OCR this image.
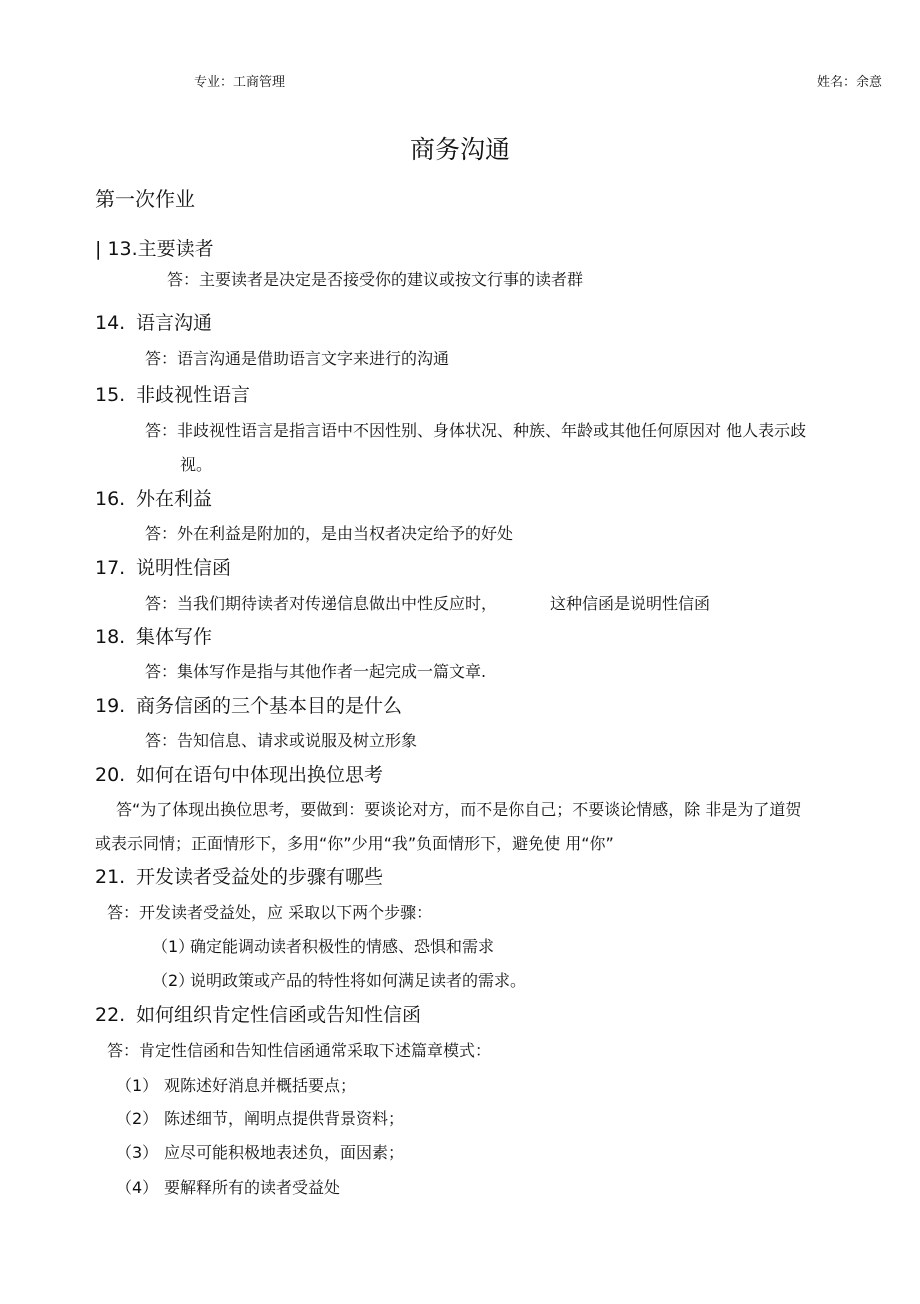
专业：工商管理	姓名：余意
商务沟通
第一次作业
| 13.主要读者
答：主要读者是决定是否接受你的建议或按文行事的读者群
14. 语言沟通
答：语言沟通是借助语言文字来进行的沟通
15. 非歧视性语言
答：非歧视性语言是指言语中不因性别、身体状况、种族、年龄或其他任何原因对 他人表示歧
视。
16. 外在利益
答：外在利益是附加的，是由当权者决定给予的好处
17. 说明性信函
答：当我们期待读者对传递信息做出中性反应时，	这种信函是说明性信函
18. 集体写作
答：集体写作是指与其他作者一起完成一篇文章.
19. 商务信函的三个基本目的是什么
答：告知信息、请求或说服及树立形象
20. 如何在语句中体现出换位思考
答“为了体现出换位思考，要做到：要谈论对方，而不是你自己；不要谈论情感，除 非是为了道贺
或表示同情；正面情形下，多用“你”少用“我”负面情形下，避免使 用“你”
21. 开发读者受益处的步骤有哪些
答：开发读者受益处，应 采取以下两个步骤：
（1）确定能调动读者积极性的情感、恐惧和需求
（2）说明政策或产品的特性将如何满足读者的需求。
22. 如何组织肯定性信函或告知性信函
答：肯定性信函和告知性信函通常采取下述篇章模式：
（1） 观陈述好消息并概括要点；
（2） 陈述细节，阐明点提供背景资料；
（3） 应尽可能积极地表述负，面因素；
（4） 要解释所有的读者受益处
